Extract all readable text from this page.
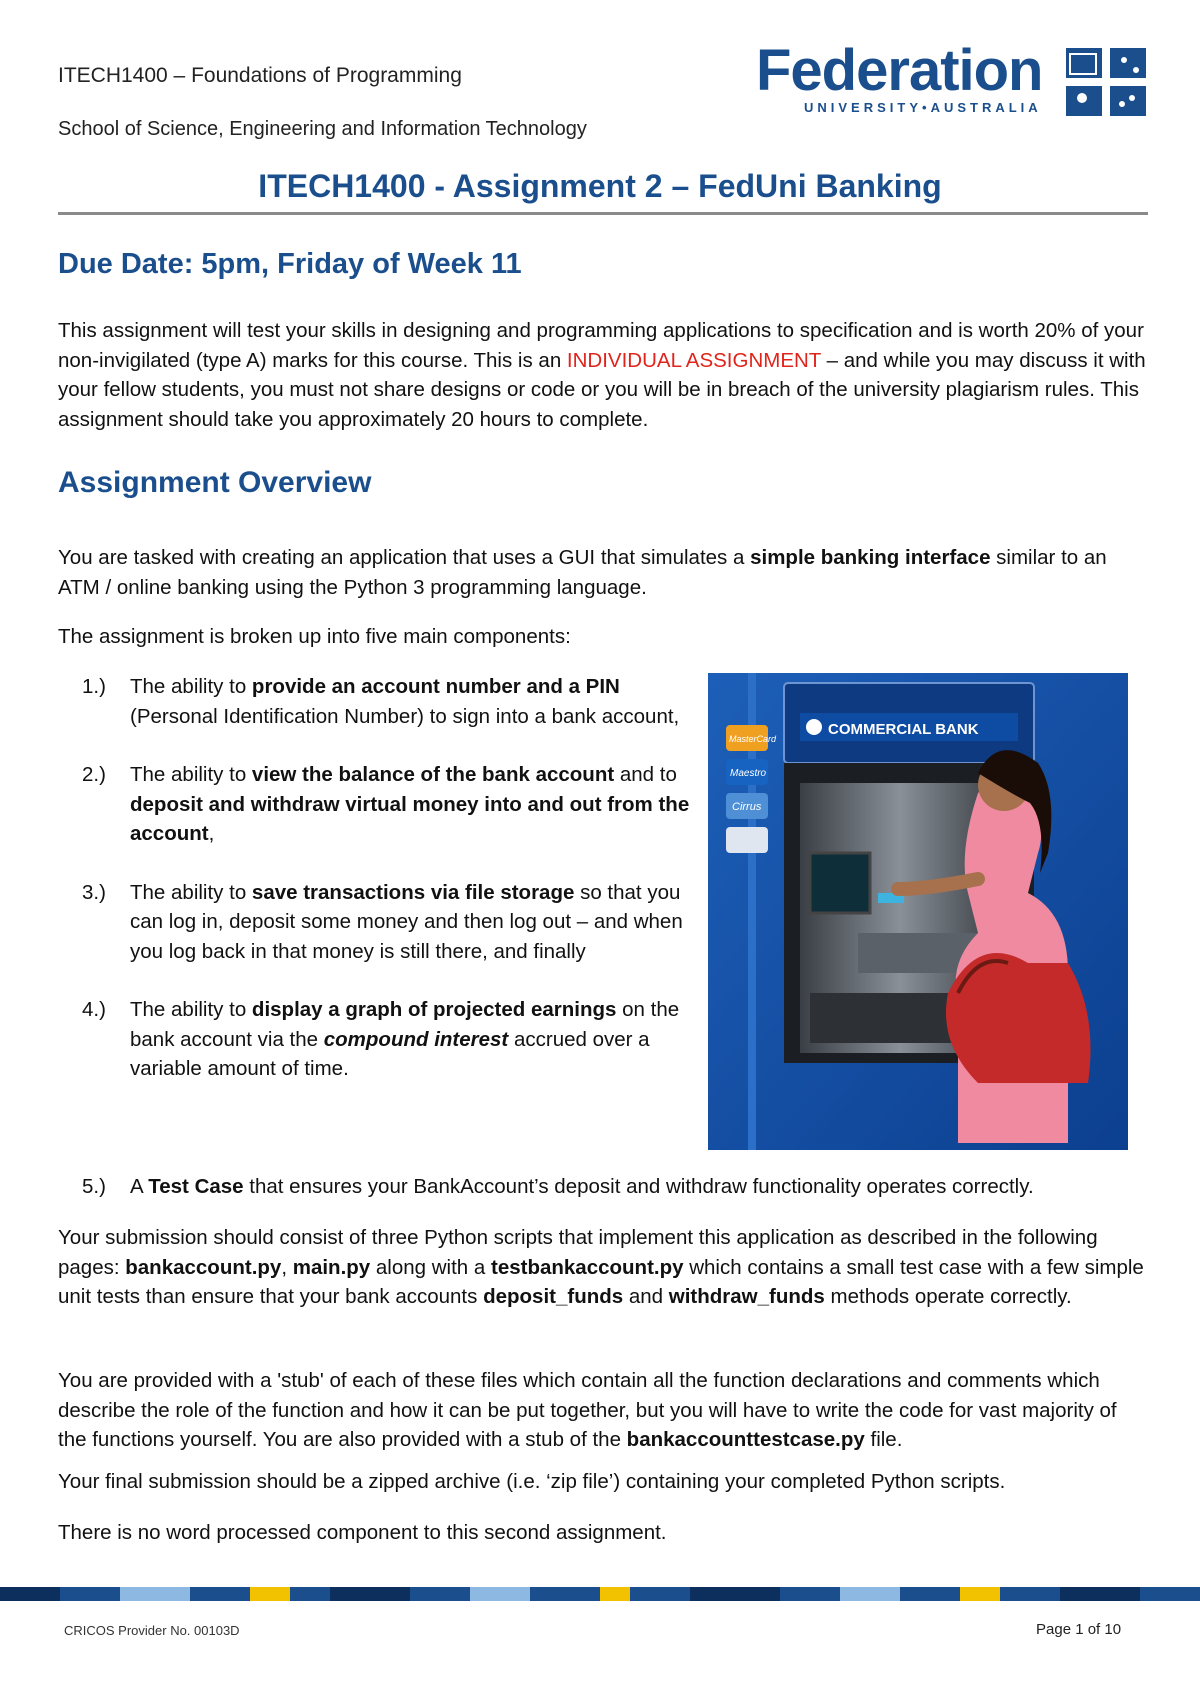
ITECH1400 – Foundations of Programming
School of Science, Engineering and Information Technology
Federation
UNIVERSITY•AUSTRALIA
ITECH1400 - Assignment 2 – FedUni Banking
Due Date: 5pm, Friday of Week 11
This assignment will test your skills in designing and programming applications to specification and is worth 20% of your non-invigilated (type A) marks for this course. This is an INDIVIDUAL ASSIGNMENT – and while you may discuss it with your fellow students, you must not share designs or code or you will be in breach of the university plagiarism rules. This assignment should take you approximately 20 hours to complete.
Assignment Overview
You are tasked with creating an application that uses a GUI that simulates a simple banking interface similar to an ATM / online banking using the Python 3 programming language.
The assignment is broken up into five main components:
1.) The ability to provide an account number and a PIN (Personal Identification Number) to sign into a bank account,
2.) The ability to view the balance of the bank account and to deposit and withdraw virtual money into and out from the account,
3.) The ability to save transactions via file storage so that you can log in, deposit some money and then log out – and when you log back in that money is still there, and finally
4.) The ability to display a graph of projected earnings on the bank account via the compound interest accrued over a variable amount of time.
COMMERCIAL BANK
MasterCard
Maestro
Cirrus
5.) A Test Case that ensures your BankAccount’s deposit and withdraw functionality operates correctly.
Your submission should consist of three Python scripts that implement this application as described in the following pages: bankaccount.py, main.py along with a testbankaccount.py which contains a small test case with a few simple unit tests than ensure that your bank accounts deposit_funds and withdraw_funds methods operate correctly.
You are provided with a 'stub' of each of these files which contain all the function declarations and comments which describe the role of the function and how it can be put together, but you will have to write the code for vast majority of the functions yourself. You are also provided with a stub of the bankaccounttestcase.py file.
Your final submission should be a zipped archive (i.e. ‘zip file’) containing your completed Python scripts.
There is no word processed component to this second assignment.
CRICOS Provider No. 00103D	Page 1 of 10
